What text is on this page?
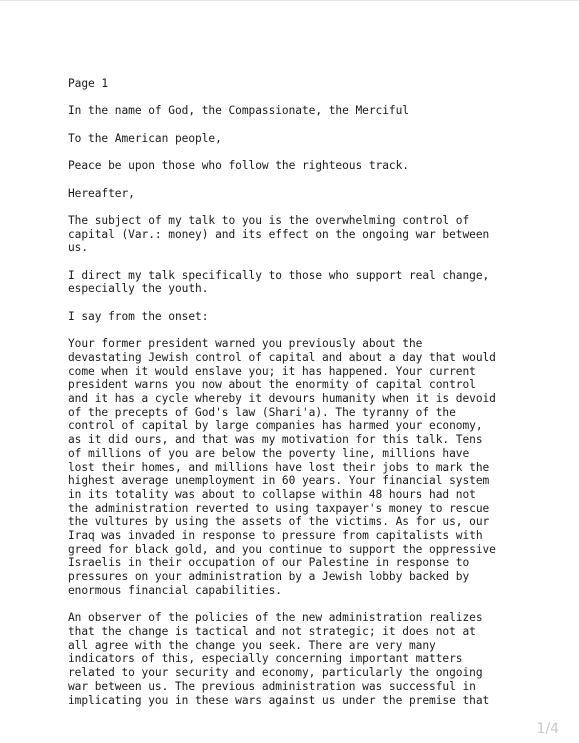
Page 1

In the name of God, the Compassionate, the Merciful

To the American people,

Peace be upon those who follow the righteous track.

Hereafter,

The subject of my talk to you is the overwhelming control of
capital (Var.: money) and its effect on the ongoing war between
us.

I direct my talk specifically to those who support real change,
especially the youth.

I say from the onset:

Your former president warned you previously about the
devastating Jewish control of capital and about a day that would
come when it would enslave you; it has happened. Your current
president warns you now about the enormity of capital control
and it has a cycle whereby it devours humanity when it is devoid
of the precepts of God's law (Shari'a). The tyranny of the
control of capital by large companies has harmed your economy,
as it did ours, and that was my motivation for this talk. Tens
of millions of you are below the poverty line, millions have
lost their homes, and millions have lost their jobs to mark the
highest average unemployment in 60 years. Your financial system
in its totality was about to collapse within 48 hours had not
the administration reverted to using taxpayer's money to rescue
the vultures by using the assets of the victims. As for us, our
Iraq was invaded in response to pressure from capitalists with
greed for black gold, and you continue to support the oppressive
Israelis in their occupation of our Palestine in response to
pressures on your administration by a Jewish lobby backed by
enormous financial capabilities.

An observer of the policies of the new administration realizes
that the change is tactical and not strategic; it does not at
all agree with the change you seek. There are very many
indicators of this, especially concerning important matters
related to your security and economy, particularly the ongoing
war between us. The previous administration was successful in
implicating you in these wars against us under the premise that

1/4
